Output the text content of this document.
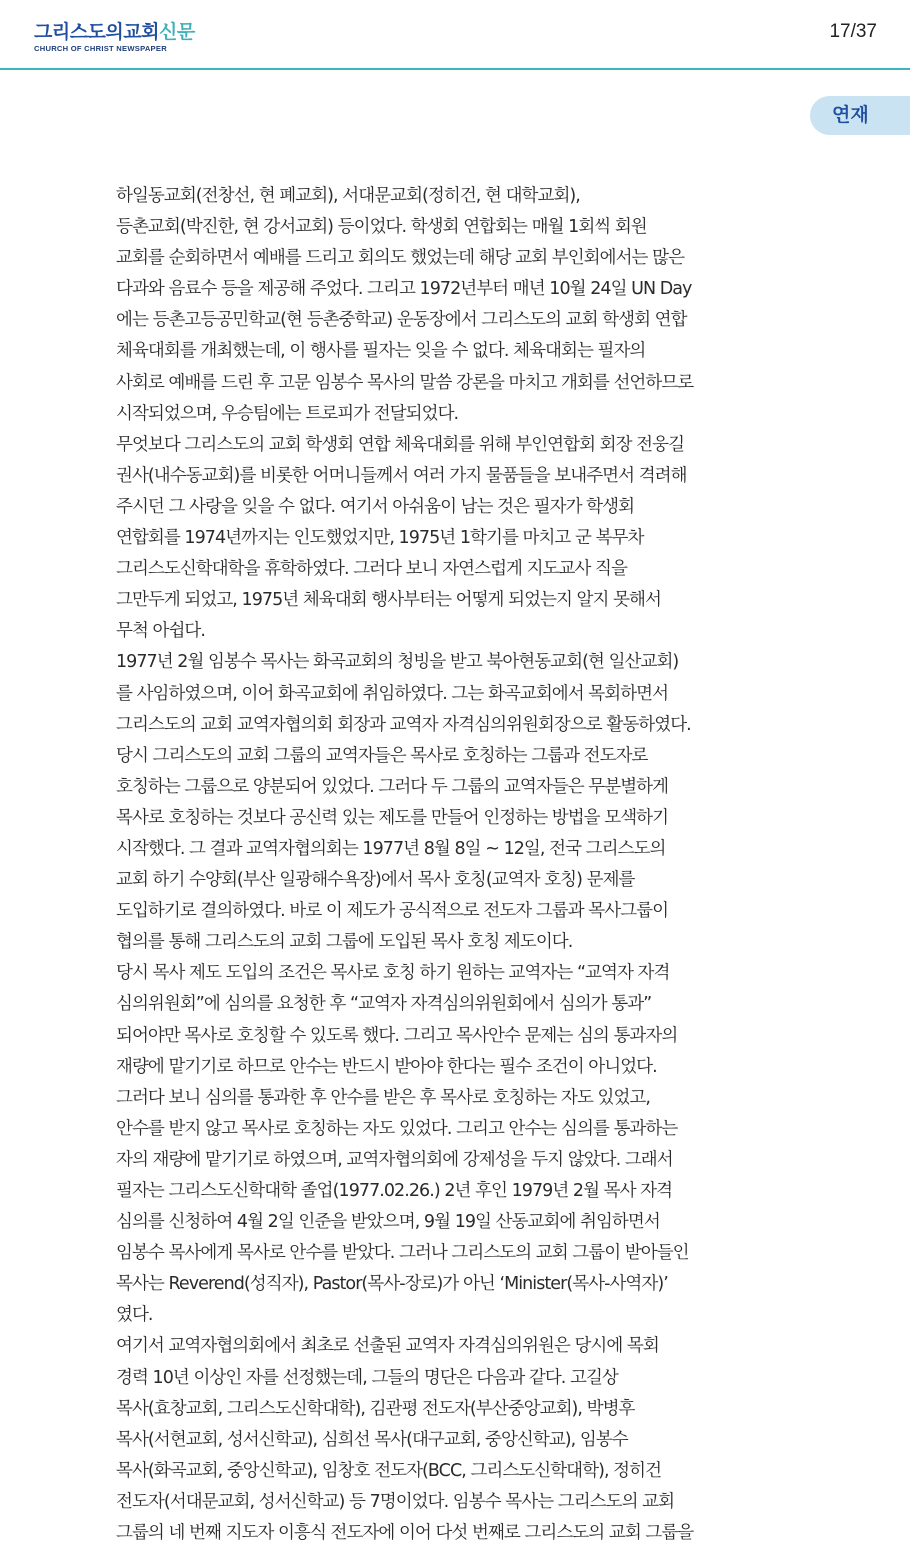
그리스도의교회신문
CHURCH OF CHRIST NEWSPAPER
17/37
연재
하일동교회(전창선, 현 폐교회), 서대문교회(정히건, 현 대학교회),
등촌교회(박진한, 현 강서교회) 등이었다. 학생회 연합회는 매월 1회씩 회원
교회를 순회하면서 예배를 드리고 회의도 했었는데 해당 교회 부인회에서는 많은
다과와 음료수 등을 제공해 주었다. 그리고 1972년부터 매년 10월 24일 UN Day
에는 등촌고등공민학교(현 등촌중학교) 운동장에서 그리스도의 교회 학생회 연합
체육대회를 개최했는데, 이 행사를 필자는 잊을 수 없다. 체육대회는 필자의
사회로 예배를 드린 후 고문 임봉수 목사의 말씀 강론을 마치고 개회를 선언하므로
시작되었으며, 우승팀에는 트로피가 전달되었다.
무엇보다 그리스도의 교회 학생회 연합 체육대회를 위해 부인연합회 회장 전웅길
권사(내수동교회)를 비롯한 어머니들께서 여러 가지 물품들을 보내주면서 격려해
주시던 그 사랑을 잊을 수 없다. 여기서 아쉬움이 남는 것은 필자가 학생회
연합회를 1974년까지는 인도했었지만, 1975년 1학기를 마치고 군 복무차
그리스도신학대학을 휴학하였다. 그러다 보니 자연스럽게 지도교사 직을
그만두게 되었고, 1975년 체육대회 행사부터는 어떻게 되었는지 알지 못해서
무척 아쉽다.
1977년 2월 임봉수 목사는 화곡교회의 청빙을 받고 북아현동교회(현 일산교회)
를 사임하였으며, 이어 화곡교회에 취임하였다. 그는 화곡교회에서 목회하면서
그리스도의 교회 교역자협의회 회장과 교역자 자격심의위원회장으로 활동하였다.
당시 그리스도의 교회 그룹의 교역자들은 목사로 호칭하는 그룹과 전도자로
호칭하는 그룹으로 양분되어 있었다. 그러다 두 그룹의 교역자들은 무분별하게
목사로 호칭하는 것보다 공신력 있는 제도를 만들어 인정하는 방법을 모색하기
시작했다. 그 결과 교역자협의회는 1977년 8월 8일 ~ 12일, 전국 그리스도의
교회 하기 수양회(부산 일광해수욕장)에서 목사 호칭(교역자 호칭) 문제를
도입하기로 결의하였다. 바로 이 제도가 공식적으로 전도자 그룹과 목사그룹이
협의를 통해 그리스도의 교회 그룹에 도입된 목사 호칭 제도이다.
당시 목사 제도 도입의 조건은 목사로 호칭 하기 원하는 교역자는 “교역자 자격
심의위원회”에 심의를 요청한 후 “교역자 자격심의위원회에서 심의가 통과”
되어야만 목사로 호칭할 수 있도록 했다. 그리고 목사안수 문제는 심의 통과자의
재량에 맡기기로 하므로 안수는 반드시 받아야 한다는 필수 조건이 아니었다.
그러다 보니 심의를 통과한 후 안수를 받은 후 목사로 호칭하는 자도 있었고,
안수를 받지 않고 목사로 호칭하는 자도 있었다. 그리고 안수는 심의를 통과하는
자의 재량에 맡기기로 하였으며, 교역자협의회에 강제성을 두지 않았다. 그래서
필자는 그리스도신학대학 졸업(1977.02.26.) 2년 후인 1979년 2월 목사 자격
심의를 신청하여 4월 2일 인준을 받았으며, 9월 19일 산동교회에 취임하면서
임봉수 목사에게 목사로 안수를 받았다. 그러나 그리스도의 교회 그룹이 받아들인
목사는 Reverend(성직자), Pastor(목사-장로)가 아닌 ‘Minister(목사-사역자)’
였다.
여기서 교역자협의회에서 최초로 선출된 교역자 자격심의위원은 당시에 목회
경력 10년 이상인 자를 선정했는데, 그들의 명단은 다음과 같다. 고길상
목사(효창교회, 그리스도신학대학), 김관평 전도자(부산중앙교회), 박병후
목사(서현교회, 성서신학교), 심희선 목사(대구교회, 중앙신학교), 임봉수
목사(화곡교회, 중앙신학교), 임창호 전도자(BCC, 그리스도신학대학), 정히건
전도자(서대문교회, 성서신학교) 등 7명이었다. 임봉수 목사는 그리스도의 교회
그룹의 네 번째 지도자 이흥식 전도자에 이어 다섯 번째로 그리스도의 교회 그룹을
